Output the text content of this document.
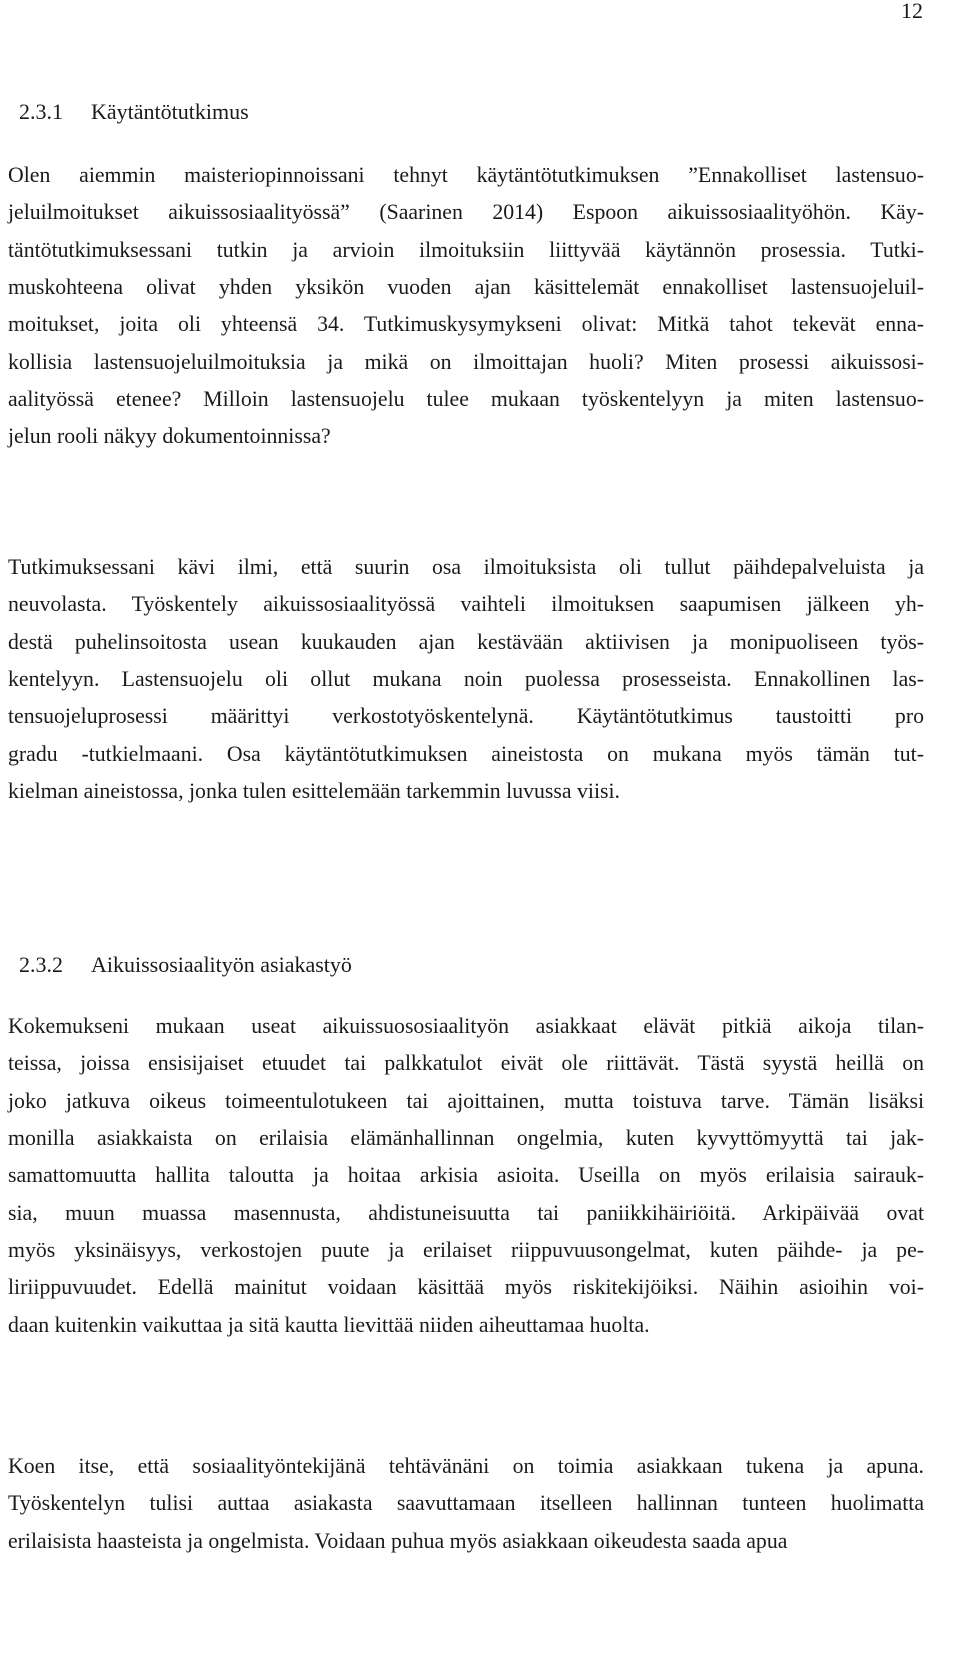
12

2.3.1 Käytäntötutkimus

Olen aiemmin maisteriopinnoissani tehnyt käytäntötutkimuksen ”Ennakolliset lastensuo-
jeluilmoitukset aikuissosiaalityössä” (Saarinen 2014) Espoon aikuissosiaalityöhön. Käy-
täntötutkimuksessani tutkin ja arvioin ilmoituksiin liittyvää käytännön prosessia. Tutki-
muskohteena olivat yhden yksikön vuoden ajan käsittelemät ennakolliset lastensuojeluil-
moitukset, joita oli yhteensä 34. Tutkimuskysymykseni olivat: Mitkä tahot tekevät enna-
kollisia lastensuojeluilmoituksia ja mikä on ilmoittajan huoli? Miten prosessi aikuissosi-
aalityössä etenee? Milloin lastensuojelu tulee mukaan työskentelyyn ja miten lastensuo-
jelun rooli näkyy dokumentoinnissa?
Tutkimuksessani kävi ilmi, että suurin osa ilmoituksista oli tullut päihdepalveluista ja
neuvolasta. Työskentely aikuissosiaalityössä vaihteli ilmoituksen saapumisen jälkeen yh-
destä puhelinsoitosta usean kuukauden ajan kestävään aktiivisen ja monipuoliseen työs-
kentelyyn. Lastensuojelu oli ollut mukana noin puolessa prosesseista. Ennakollinen las-
tensuojeluprosessi määrittyi verkostotyöskentelynä. Käytäntötutkimus taustoitti pro
gradu -tutkielmaani. Osa käytäntötutkimuksen aineistosta on mukana myös tämän tut-
kielman aineistossa, jonka tulen esittelemään tarkemmin luvussa viisi.

2.3.2 Aikuissosiaalityön asiakastyö

Kokemukseni mukaan useat aikuissuososiaalityön asiakkaat elävät pitkiä aikoja tilan-
teissa, joissa ensisijaiset etuudet tai palkkatulot eivät ole riittävät. Tästä syystä heillä on
joko jatkuva oikeus toimeentulotukeen tai ajoittainen, mutta toistuva tarve. Tämän lisäksi
monilla asiakkaista on erilaisia elämänhallinnan ongelmia, kuten kyvyttömyyttä tai jak-
samattomuutta hallita taloutta ja hoitaa arkisia asioita. Useilla on myös erilaisia sairauk-
sia, muun muassa masennusta, ahdistuneisuutta tai paniikkihäiriöitä. Arkipäivää ovat
myös yksinäisyys, verkostojen puute ja erilaiset riippuvuusongelmat, kuten päihde- ja pe-
liriippuvuudet. Edellä mainitut voidaan käsittää myös riskitekijöiksi. Näihin asioihin voi-
daan kuitenkin vaikuttaa ja sitä kautta lievittää niiden aiheuttamaa huolta.
Koen itse, että sosiaalityöntekijänä tehtävänäni on toimia asiakkaan tukena ja apuna.
Työskentelyn tulisi auttaa asiakasta saavuttamaan itselleen hallinnan tunteen huolimatta
erilaisista haasteista ja ongelmista. Voidaan puhua myös asiakkaan oikeudesta saada apua
